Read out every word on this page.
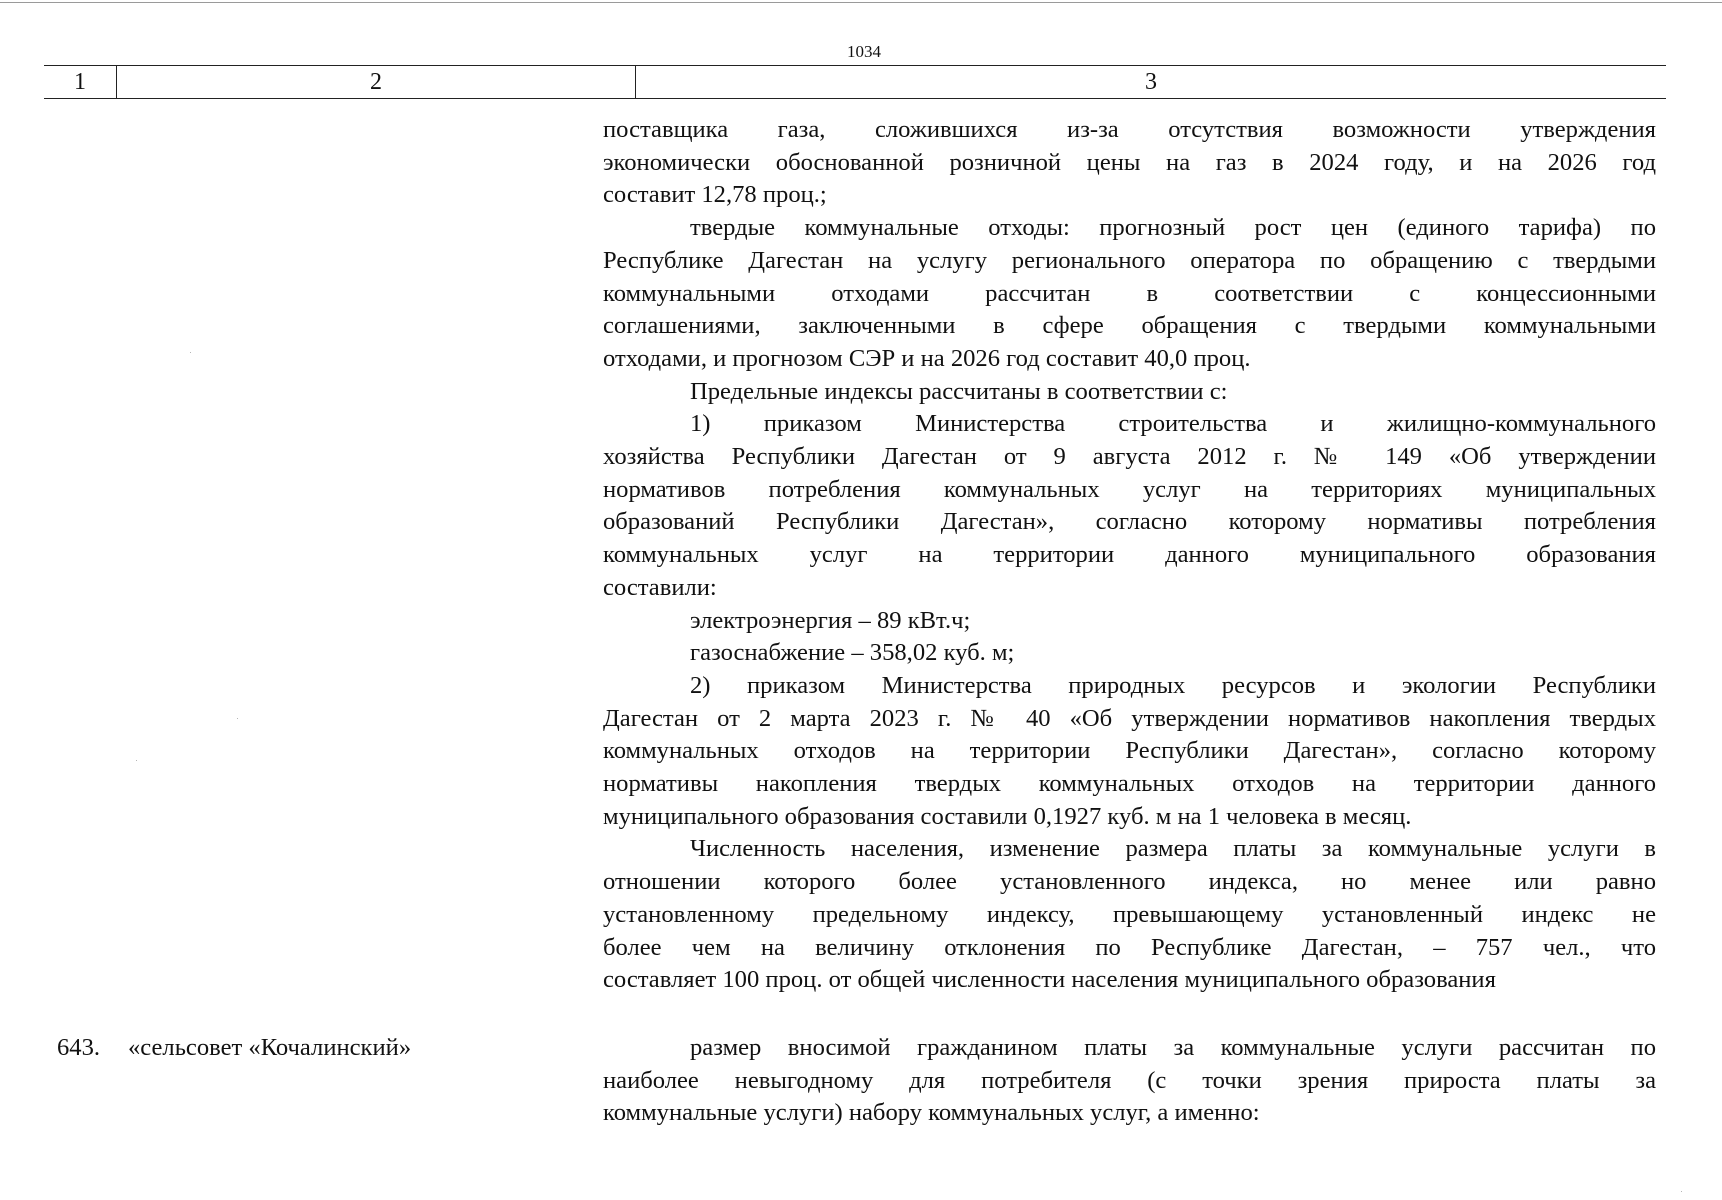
1034
1	2	3
поставщика газа, сложившихся из-за отсутствия возможности утверждения
экономически обоснованной розничной цены на газ в 2024 году, и на 2026 год
составит 12,78 проц.;
твердые коммунальные отходы: прогнозный рост цен (единого тарифа) по
Республике Дагестан на услугу регионального оператора по обращению с твердыми
коммунальными отходами рассчитан в соответствии с концессионными
соглашениями, заключенными в сфере обращения с твердыми коммунальными
отходами, и прогнозом СЭР и на 2026 год составит 40,0 проц.
Предельные индексы рассчитаны в соответствии с:
1) приказом Министерства строительства и жилищно-коммунального
хозяйства Республики Дагестан от 9 августа 2012 г. № 149 «Об утверждении
нормативов потребления коммунальных услуг на территориях муниципальных
образований Республики Дагестан», согласно которому нормативы потребления
коммунальных услуг на территории данного муниципального образования
составили:
электроэнергия – 89 кВт.ч;
газоснабжение – 358,02 куб. м;
2) приказом Министерства природных ресурсов и экологии Республики
Дагестан от 2 марта 2023 г. № 40 «Об утверждении нормативов накопления твердых
коммунальных отходов на территории Республики Дагестан», согласно которому
нормативы накопления твердых коммунальных отходов на территории данного
муниципального образования составили 0,1927 куб. м на 1 человека в месяц.
Численность населения, изменение размера платы за коммунальные услуги в
отношении которого более установленного индекса, но менее или равно
установленному предельному индексу, превышающему установленный индекс не
более чем на величину отклонения по Республике Дагестан, – 757 чел., что
составляет 100 проц. от общей численности населения муниципального образования
643. «сельсовет «Кочалинский»	размер вносимой гражданином платы за коммунальные услуги рассчитан по
наиболее невыгодному для потребителя (с точки зрения прироста платы за
коммунальные услуги) набору коммунальных услуг, а именно:
